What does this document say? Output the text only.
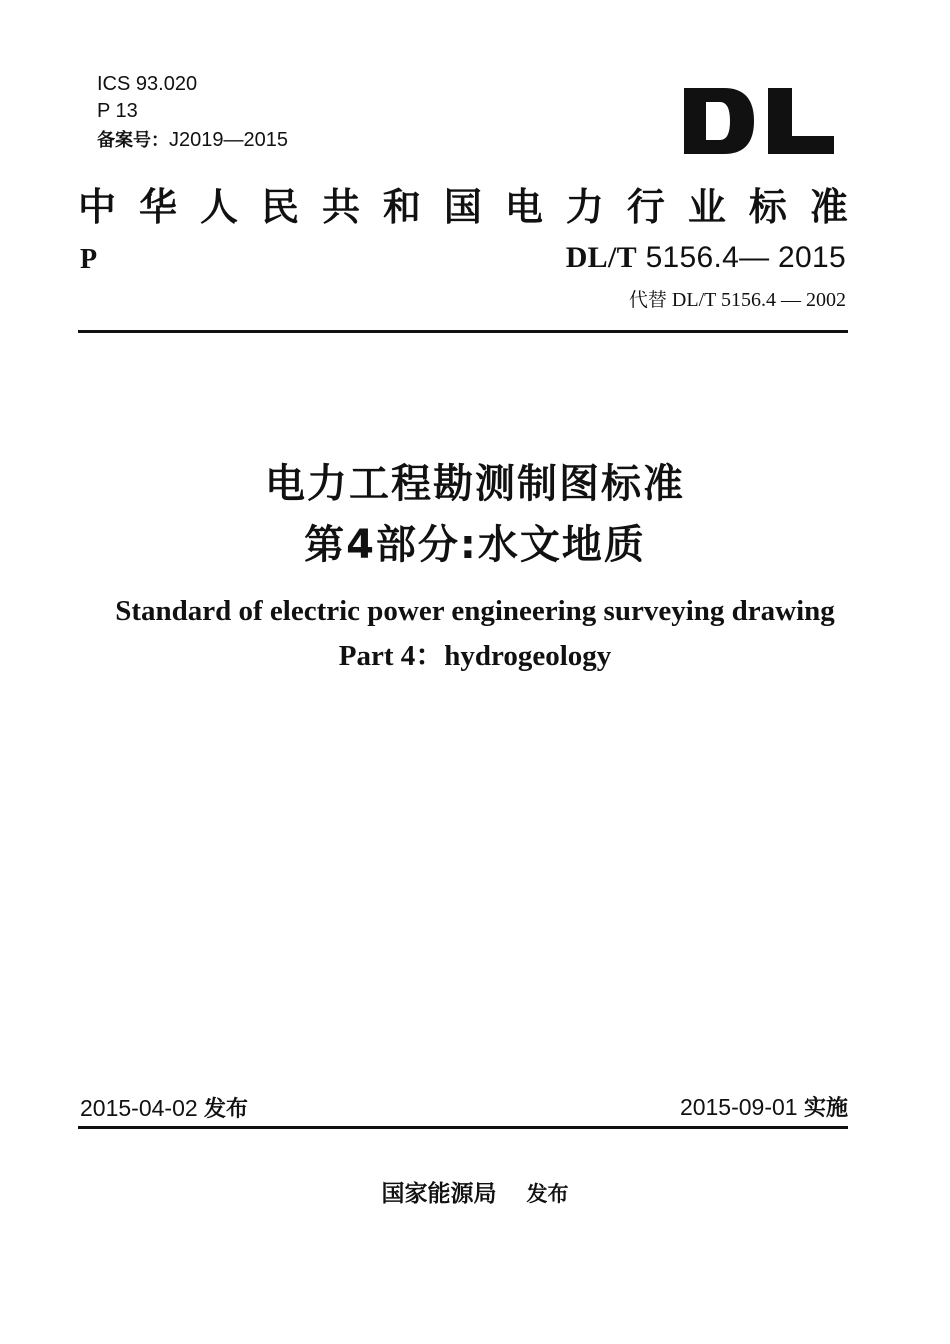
ICS 93.020
P 13
备案号：J2019—2015
中 华 人 民 共 和 国 电 力 行 业 标 准
P	DL/T 5156.4— 2015
代替 DL/T 5156.4 — 2002
电力工程勘测制图标准
第4部分:水文地质
Standard of electric power engineering surveying drawing
Part 4：hydrogeology
2015-04-02 发布	2015-09-01 实施
国家能源局 发布
